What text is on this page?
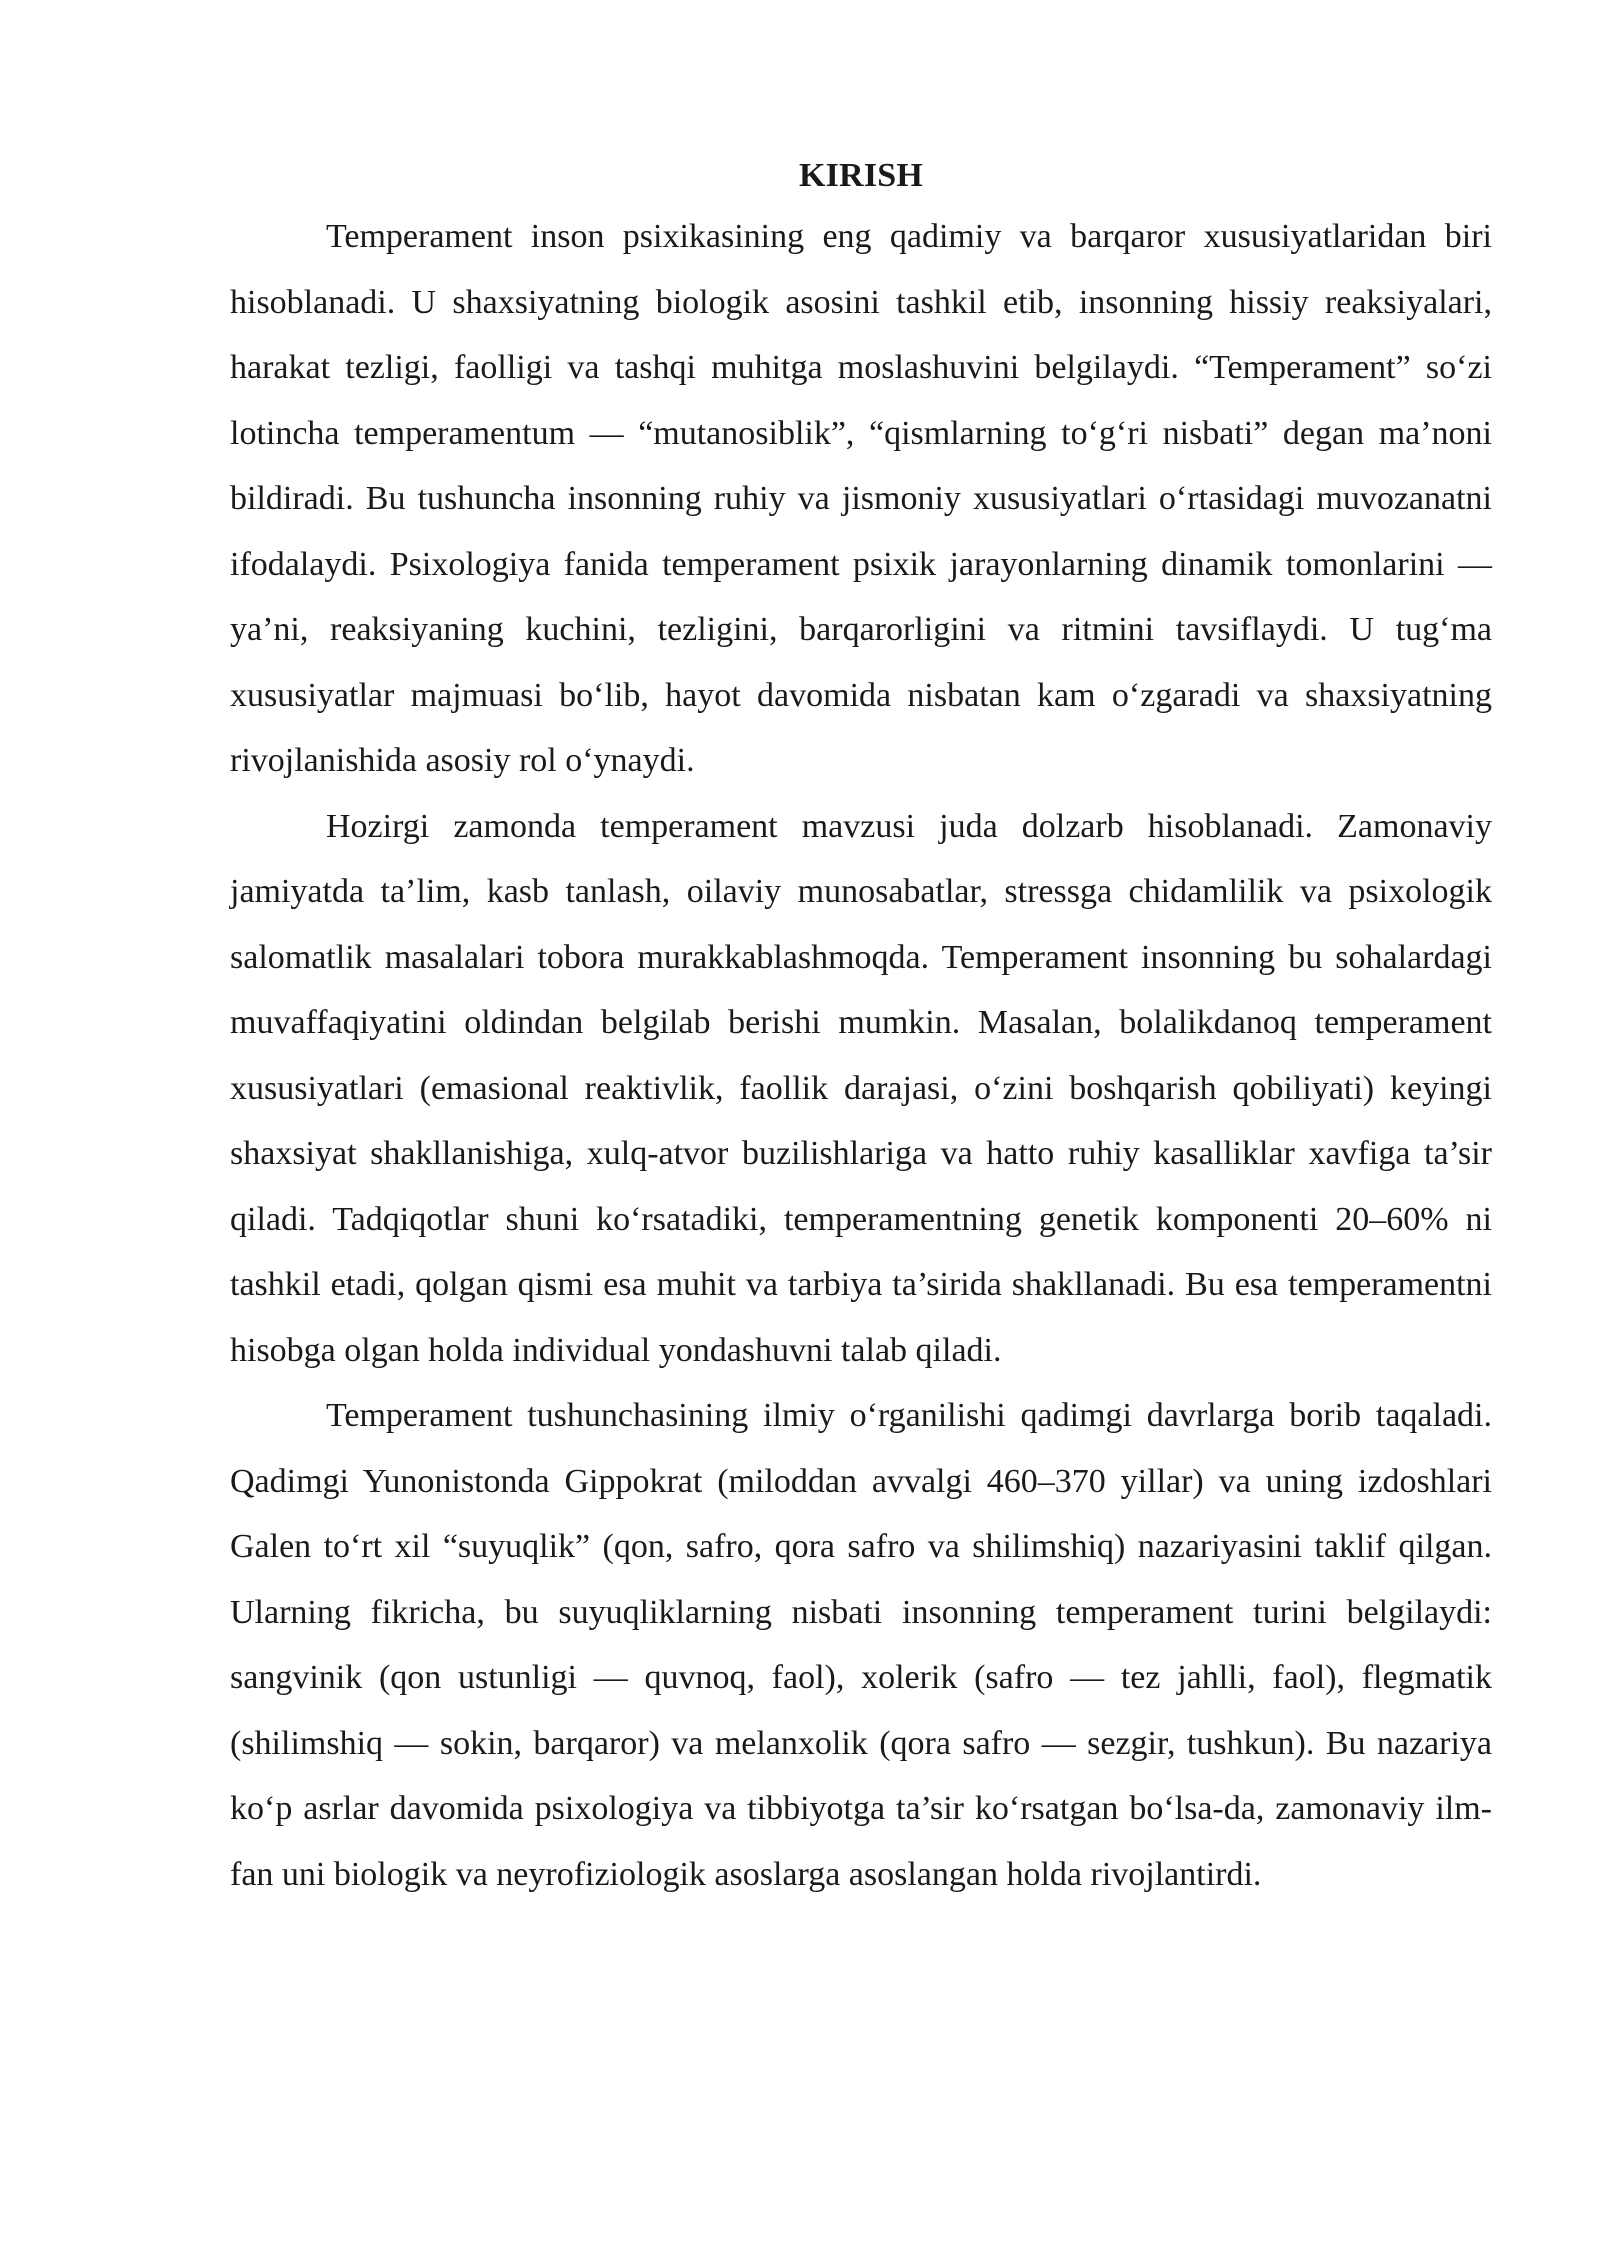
KIRISH

Temperament inson psixikasining eng qadimiy va barqaror xususiyatlaridan biri hisoblanadi. U shaxsiyatning biologik asosini tashkil etib, insonning hissiy reaksiyalari, harakat tezligi, faolligi va tashqi muhitga moslashuvini belgilaydi. “Temperament” so‘zi lotincha temperamentum — “mutanosiblik”, “qismlarning to‘g‘ri nisbati” degan ma’noni bildiradi. Bu tushuncha insonning ruhiy va jismoniy xususiyatlari o‘rtasidagi muvozanatni ifodalaydi. Psixologiya fanida temperament psixik jarayonlarning dinamik tomonlarini — ya’ni, reaksiyaning kuchini, tezligini, barqarorligini va ritmini tavsiflaydi. U tug‘ma xususiyatlar majmuasi bo‘lib, hayot davomida nisbatan kam o‘zgaradi va shaxsiyatning rivojlanishida asosiy rol o‘ynaydi.

Hozirgi zamonda temperament mavzusi juda dolzarb hisoblanadi. Zamonaviy jamiyatda ta’lim, kasb tanlash, oilaviy munosabatlar, stressga chidamlilik va psixologik salomatlik masalalari tobora murakkablashmoqda. Temperament insonning bu sohalardagi muvaffaqiyatini oldindan belgilab berishi mumkin. Masalan, bolalikdanoq temperament xususiyatlari (emasional reaktivlik, faollik darajasi, o‘zini boshqarish qobiliyati) keyingi shaxsiyat shakllanishiga, xulq-atvor buzilishlariga va hatto ruhiy kasalliklar xavfiga ta’sir qiladi. Tadqiqotlar shuni ko‘rsatadiki, temperamentning genetik komponenti 20–60% ni tashkil etadi, qolgan qismi esa muhit va tarbiya ta’sirida shakllanadi. Bu esa temperamentni hisobga olgan holda individual yondashuvni talab qiladi.

Temperament tushunchasining ilmiy o‘rganilishi qadimgi davrlarga borib taqaladi. Qadimgi Yunonistonda Gippokrat (miloddan avvalgi 460–370 yillar) va uning izdoshlari Galen to‘rt xil “suyuqlik” (qon, safro, qora safro va shilimshiq) nazariyasini taklif qilgan. Ularning fikricha, bu suyuqliklarning nisbati insonning temperament turini belgilaydi: sangvinik (qon ustunligi — quvnoq, faol), xolerik (safro — tez jahlli, faol), flegmatik (shilimshiq — sokin, barqaror) va melanxolik (qora safro — sezgir, tushkun). Bu nazariya ko‘p asrlar davomida psixologiya va tibbiyotga ta’sir ko‘rsatgan bo‘lsa-da, zamonaviy ilm-fan uni biologik va neyrofiziologik asoslarga asoslangan holda rivojlantirdi.
